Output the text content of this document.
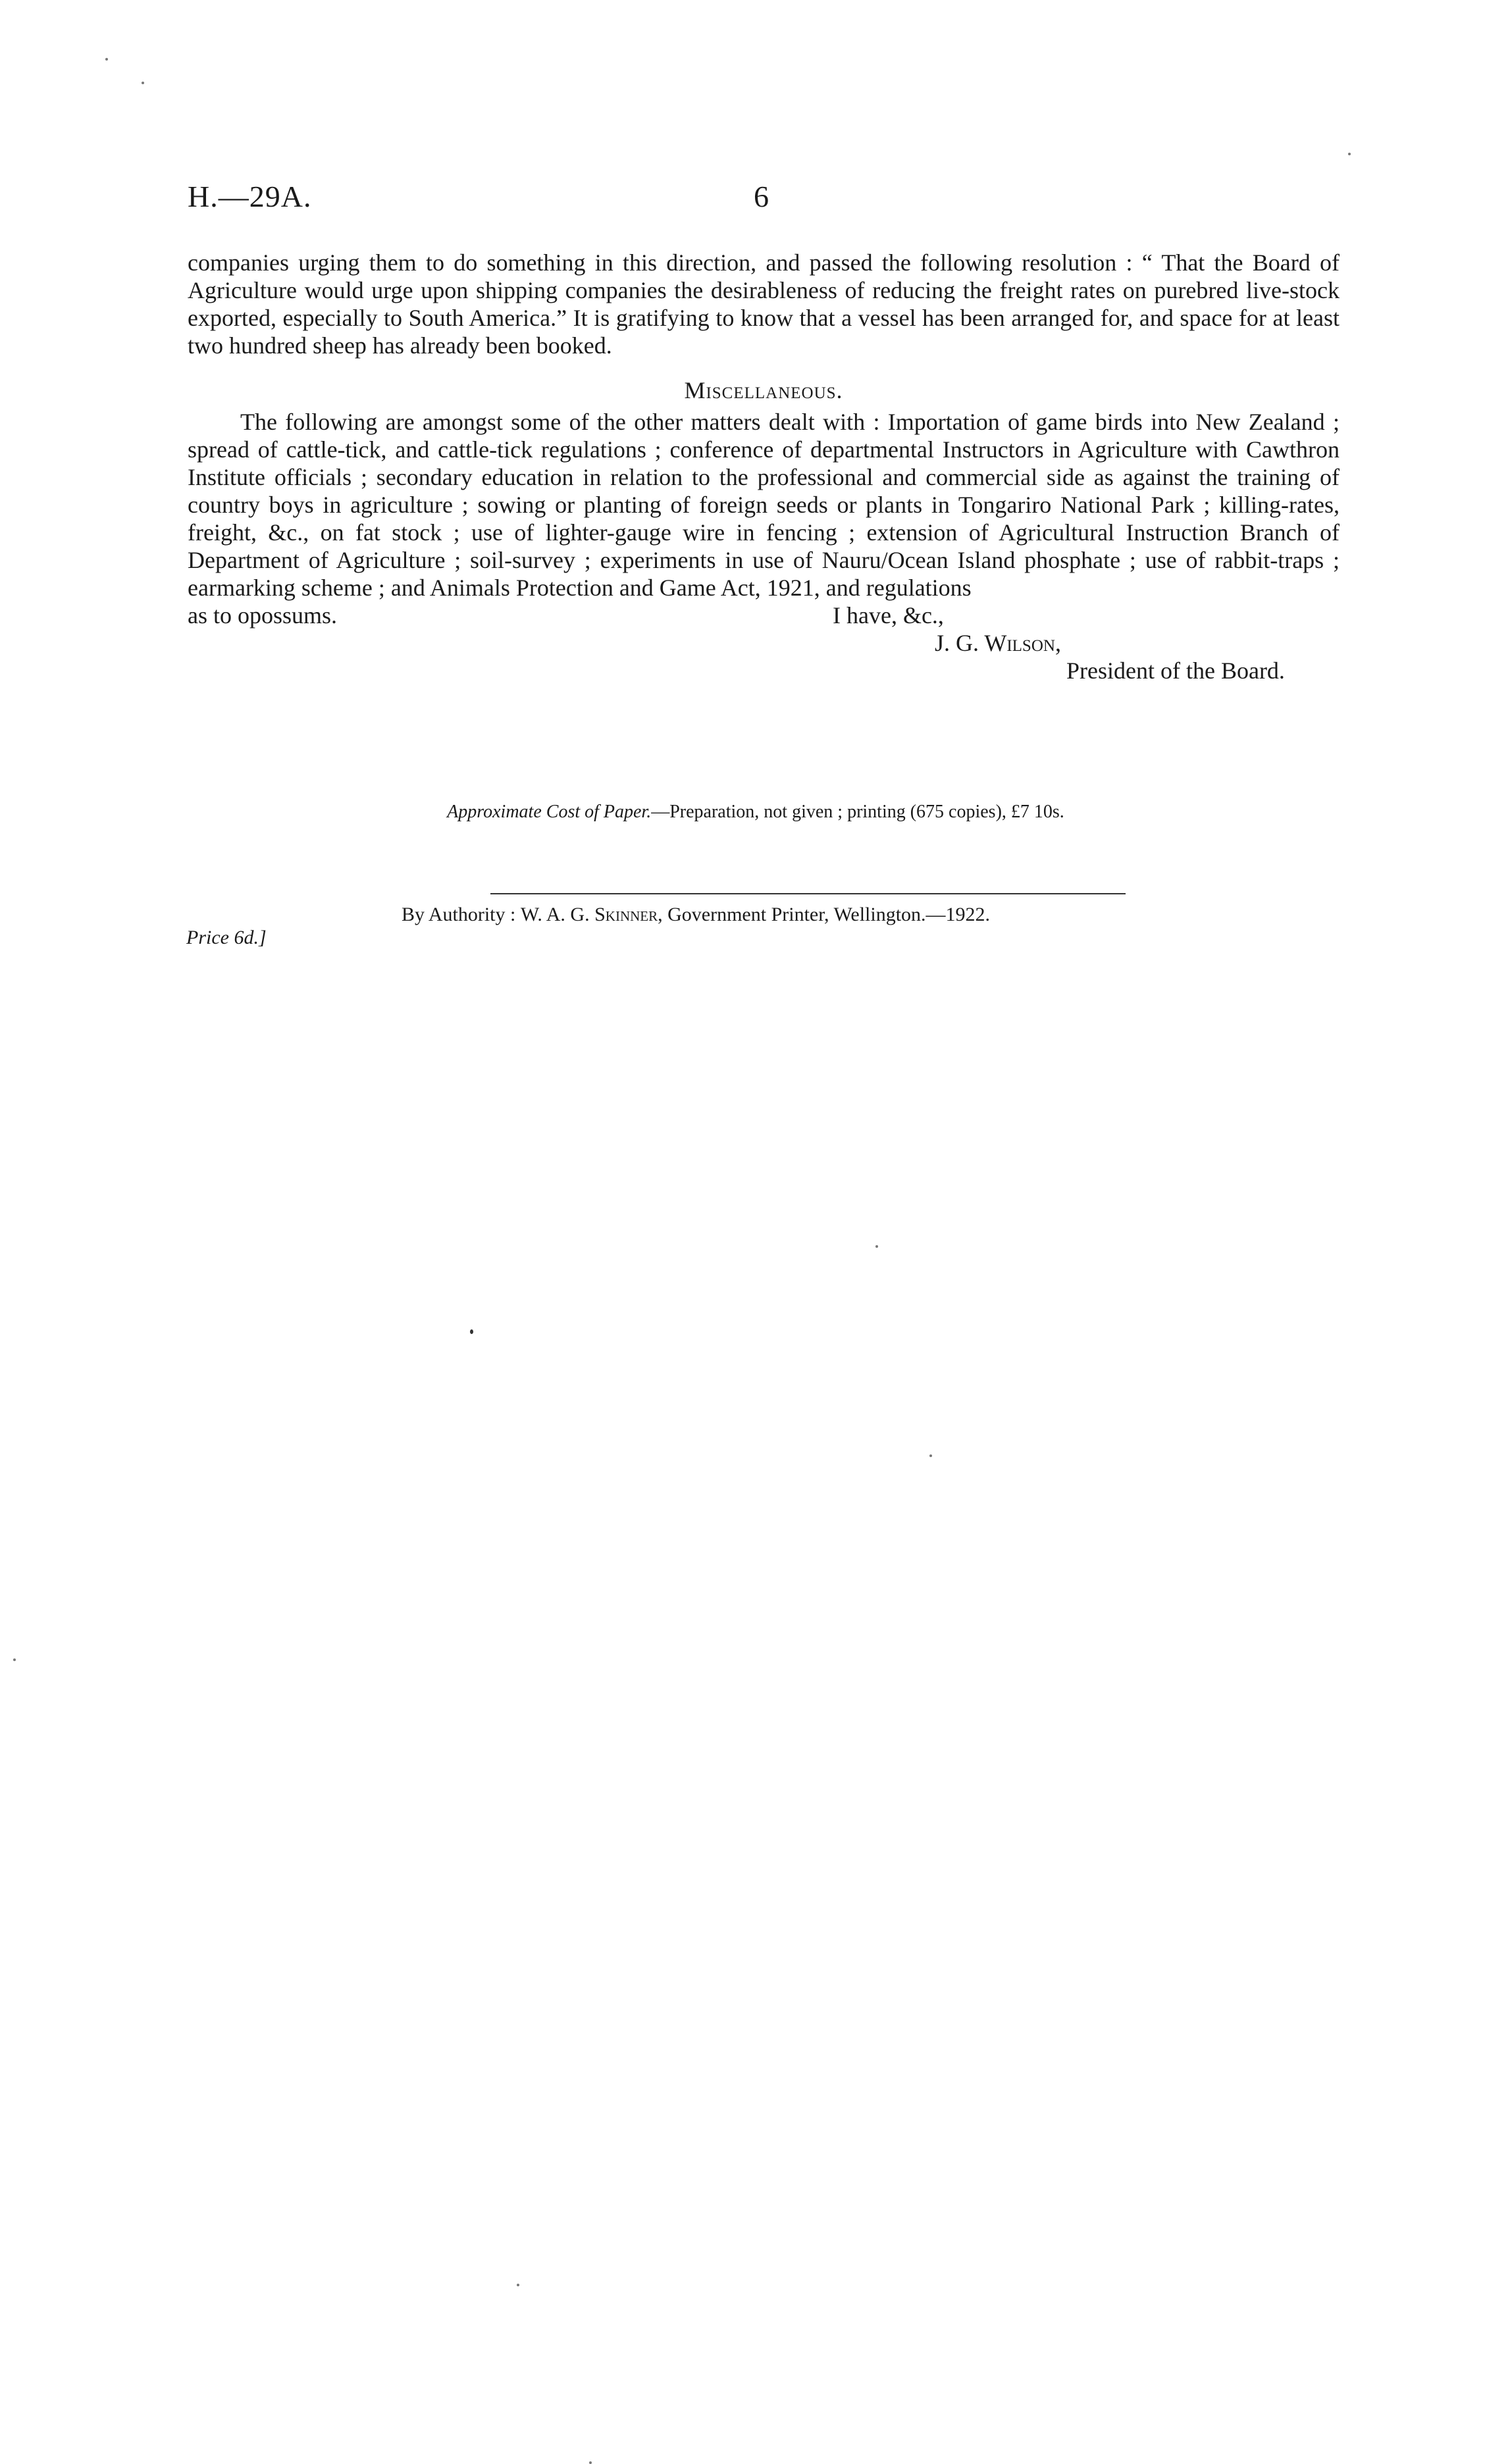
H.—29A.	6

companies urging them to do something in this direction, and passed the following resolution : “ That the Board of Agriculture would urge upon shipping companies the desirableness of reducing the freight rates on purebred live-stock exported, especially to South America.” It is gratifying to know that a vessel has been arranged for, and space for at least two hundred sheep has already been booked.

Miscellaneous.

The following are amongst some of the other matters dealt with : Importation of game birds into New Zealand ; spread of cattle-tick, and cattle-tick regulations ; conference of departmental Instructors in Agriculture with Cawthron Institute officials ; secondary education in relation to the professional and commercial side as against the training of country boys in agriculture ; sowing or planting of foreign seeds or plants in Tongariro National Park ; killing-rates, freight, &c., on fat stock ; use of lighter-gauge wire in fencing ; extension of Agricultural Instruction Branch of Department of Agriculture ; soil-survey ; experiments in use of Nauru/Ocean Island phosphate ; use of rabbit-traps ; earmarking scheme ; and Animals Protection and Game Act, 1921, and regulations

as to opossums.	I have, &c.,
J. G. Wilson,
President of the Board.
Approximate Cost of Paper.—Preparation, not given ; printing (675 copies), £7 10s.
By Authority : W. A. G. Skinner, Government Printer, Wellington.—1922.
Price 6d.]
